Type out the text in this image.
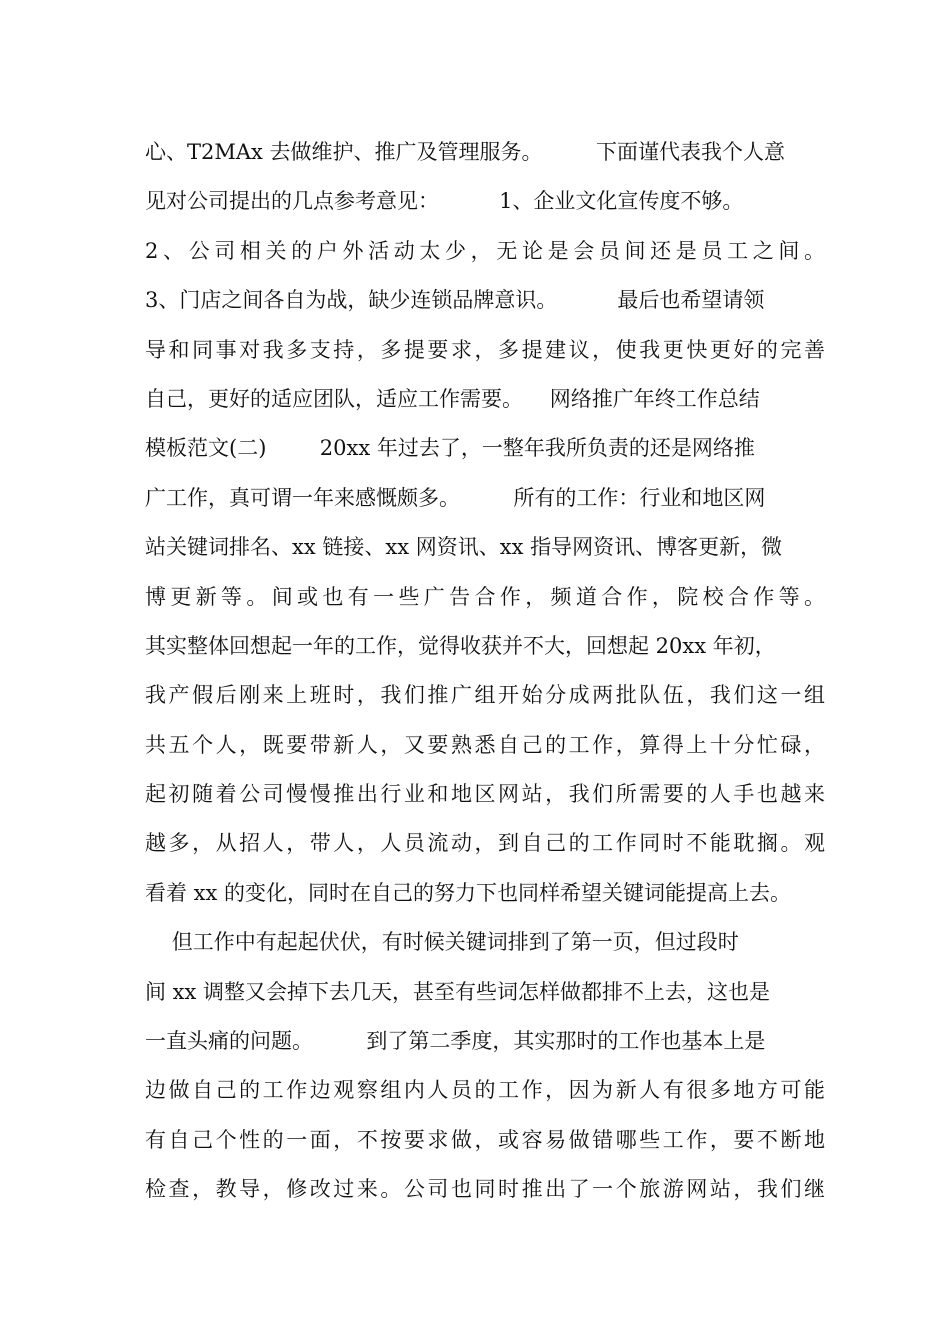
心、T2MAx 去做维护、推广及管理服务。        下面谨代表我个人意
见对公司提出的几点参考意见：         1、企业文化宣传度不够。
2、公司相关的户外活动太少，无论是会员间还是员工之间。
3、门店之间各自为战，缺少连锁品牌意识。         最后也希望请领
导和同事对我多支持，多提要求，多提建议，使我更快更好的完善
自己，更好的适应团队，适应工作需要。    网络推广年终工作总结
模板范文(二)        20xx 年过去了，一整年我所负责的还是网络推
广工作，真可谓一年来感慨颇多。        所有的工作：行业和地区网
站关键词排名、xx 链接、xx 网资讯、xx 指导网资讯、博客更新，微
博更新等。间或也有一些广告合作，频道合作，院校合作等。
其实整体回想起一年的工作，觉得收获并不大，回想起 20xx 年初，
我产假后刚来上班时，我们推广组开始分成两批队伍，我们这一组
共五个人，既要带新人，又要熟悉自己的工作，算得上十分忙碌，
起初随着公司慢慢推出行业和地区网站，我们所需要的人手也越来
越多，从招人，带人，人员流动，到自己的工作同时不能耽搁。观
看着 xx 的变化，同时在自己的努力下也同样希望关键词能提高上去。
但工作中有起起伏伏，有时候关键词排到了第一页，但过段时
间 xx 调整又会掉下去几天，甚至有些词怎样做都排不上去，这也是
一直头痛的问题。        到了第二季度，其实那时的工作也基本上是
边做自己的工作边观察组内人员的工作，因为新人有很多地方可能
有自己个性的一面，不按要求做，或容易做错哪些工作，要不断地
检查，教导，修改过来。公司也同时推出了一个旅游网站，我们继
